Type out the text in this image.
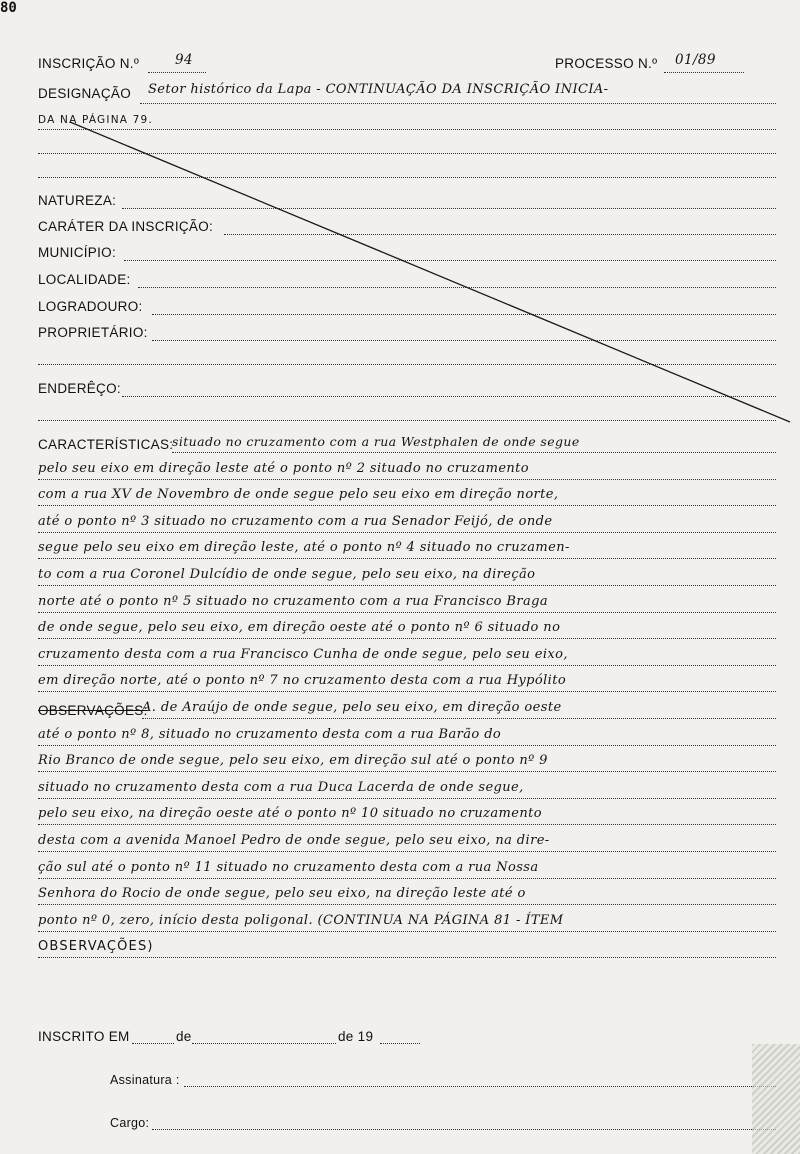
80
INSCRIÇÃO N.º	94	PROCESSO N.º 01/89
DESIGNAÇÃO Setor histórico da Lapa - CONTINUAÇÃO DA INSCRIÇÃO INICIA-
DA NA PÁGINA 79.
NATUREZA:
CARÁTER DA INSCRIÇÃO:
MUNICÍPIO:
LOCALIDADE:
LOGRADOURO:
PROPRIETÁRIO:
ENDERÊÇO:
CARACTERÍSTICAS:
situado no cruzamento com a rua Westphalen de onde segue
pelo seu eixo em direção leste até o ponto nº 2 situado no cruzamento
com a rua XV de Novembro de onde segue pelo seu eixo em direção norte,
até o ponto nº 3 situado no cruzamento com a rua Senador Feijó, de onde
segue pelo seu eixo em direção leste, até o ponto nº 4 situado no cruzamen-
to com a rua Coronel Dulcídio de onde segue, pelo seu eixo, na direção
norte até o ponto nº 5 situado no cruzamento com a rua Francisco Braga
de onde segue, pelo seu eixo, em direção oeste até o ponto nº 6 situado no
cruzamento desta com a rua Francisco Cunha de onde segue, pelo seu eixo,
em direção norte, até o ponto nº 7 no cruzamento desta com a rua Hypólito
OBSERVAÇÕES:
A. de Araújo de onde segue, pelo seu eixo, em direção oeste
até o ponto nº 8, situado no cruzamento desta com a rua Barão do
Rio Branco de onde segue, pelo seu eixo, em direção sul até o ponto nº 9
situado no cruzamento desta com a rua Duca Lacerda de onde segue,
pelo seu eixo, na direção oeste até o ponto nº 10 situado no cruzamento
desta com a avenida Manoel Pedro de onde segue, pelo seu eixo, na dire-
ção sul até o ponto nº 11 situado no cruzamento desta com a rua Nossa
Senhora do Rocio de onde segue, pelo seu eixo, na direção leste até o
ponto nº 0, zero, início desta poligonal. (CONTINUA NA PÁGINA 81 - ÍTEM
OBSERVAÇÕES)
INSCRITO EM	de	de 19
Assinatura :
Cargo:
